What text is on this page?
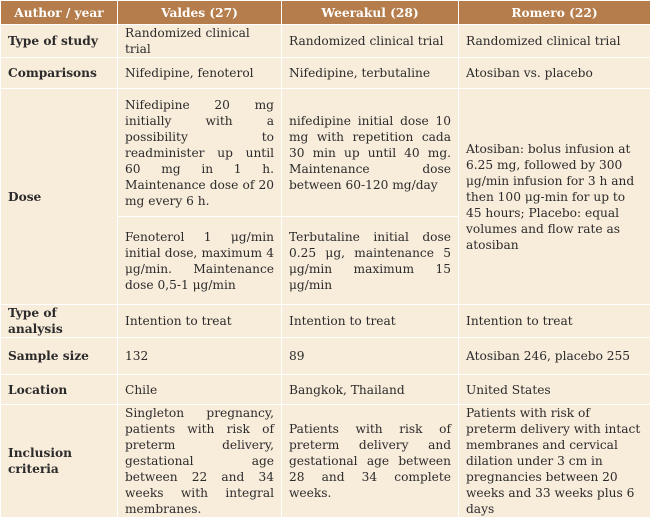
Author / year	Valdes (27)	Weerakul (28)	Romero (22)
Type of study	Randomized clinical trial	Randomized clinical trial	Randomized clinical trial
Comparisons	Nifedipine, fenoterol	Nifedipine, terbutaline	Atosiban vs. placebo
Dose	Nifedipine 20 mg initially with a possibility to readminister up until 60 mg in 1 h. Maintenance dose of 20 mg every 6 h.	nifedipine initial dose 10 mg with repetition cada 30 min up until 40 mg. Maintenance dose between 60-120 mg/day	Atosiban: bolus infusion at 6.25 mg, followed by 300 μg/min infusion for 3 h and then 100 μg-min for up to 45 hours; Placebo: equal volumes and flow rate as atosiban
	Fenoterol 1 μg/min initial dose, maximum 4 μg/min. Maintenance dose 0,5-1 μg/min	Terbutaline initial dose 0.25 μg, maintenance 5 μg/min maximum 15 μg/min	
Type of analysis	Intention to treat	Intention to treat	Intention to treat
Sample size	132	89	Atosiban 246, placebo 255
Location	Chile	Bangkok, Thailand	United States
Inclusion criteria	Singleton pregnancy, patients with risk of preterm delivery, gestational age between 22 and 34 weeks with integral membranes.	Patients with risk of preterm delivery and gestational age between 28 and 34 complete weeks.	Patients with risk of preterm delivery with intact membranes and cervical dilation under 3 cm in pregnancies between 20 weeks and 33 weeks plus 6 days
